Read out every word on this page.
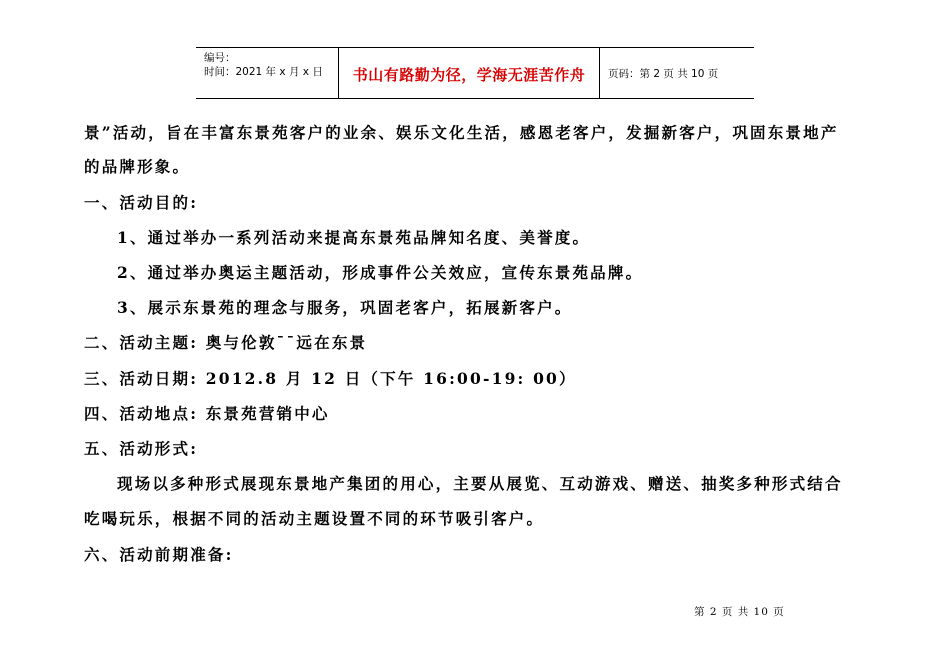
编号：
时间：2021 年 x 月 x 日	书山有路勤为径，学海无涯苦作舟	页码：第 2 页 共 10 页
景”活动，旨在丰富东景苑客户的业余、娱乐文化生活，感恩老客户，发掘新客户，巩固东景地产
的品牌形象。
一、活动目的:
1、通过举办一系列活动来提高东景苑品牌知名度、美誉度。
2、通过举办奥运主题活动，形成事件公关效应，宣传东景苑品牌。
3、展示东景苑的理念与服务，巩固老客户，拓展新客户。
二、活动主题: 奥与伦敦¯¯远在东景
三、活动日期: 2012.8 月 12 日（下午 16:00-19: 00）
四、活动地点: 东景苑营销中心
五、活动形式:
现场以多种形式展现东景地产集团的用心，主要从展览、互动游戏、赠送、抽奖多种形式结合
吃喝玩乐，根据不同的活动主题设置不同的环节吸引客户。
六、活动前期准备:
第 2 页 共 10 页
